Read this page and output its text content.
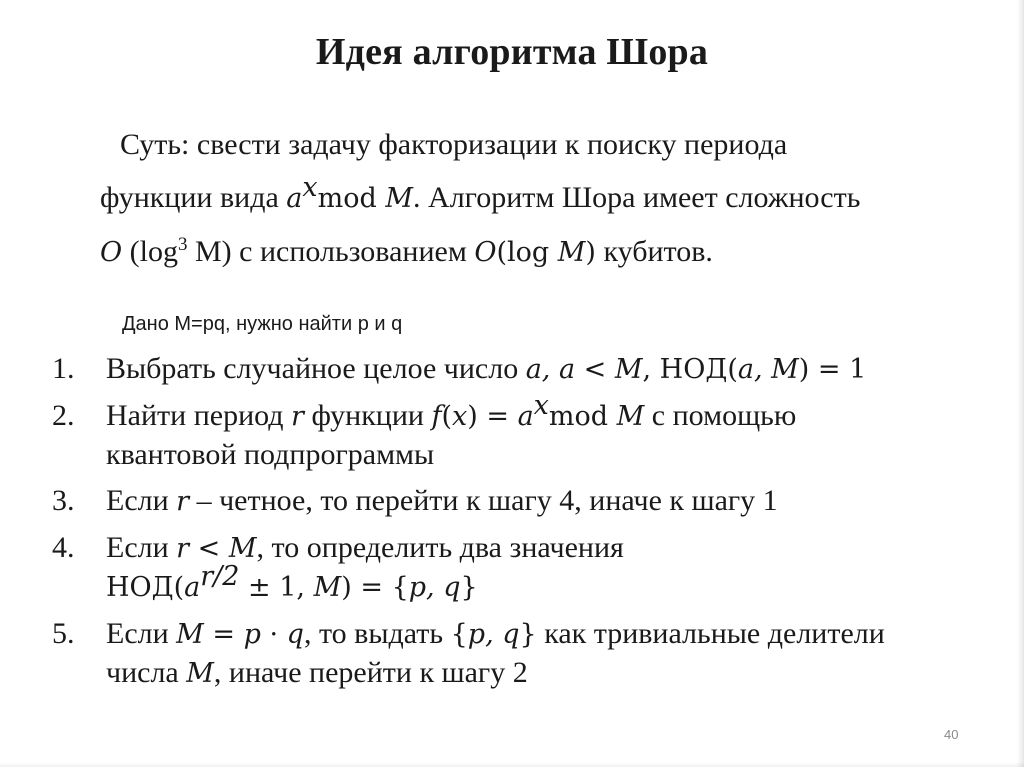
Идея алгоритма Шора
Суть: свести задачу факторизации к поиску периода
функции вида $a^xmod$ M. Алгоритм Шора имеет сложность
O ($\log^3$ M) с использованием O(log M) кубитов.
Дано M=pq, нужно найти p и q
1. Выбрать случайное целое число a, a < M, НОД(a, M) = 1
2. Найти период r функции $f(x) = a^xmod$ M с помощью
квантовой подпрограммы
3. Если r – четное, то перейти к шагу 4, иначе к шагу 1
4. Если r < M, то определить два значения
$НОД(a^{r/2} \pm 1$, M) = {p, q}
5. Если M = p · q, то выдать {p, q} как тривиальные делители
числа M, иначе перейти к шагу 2
40
